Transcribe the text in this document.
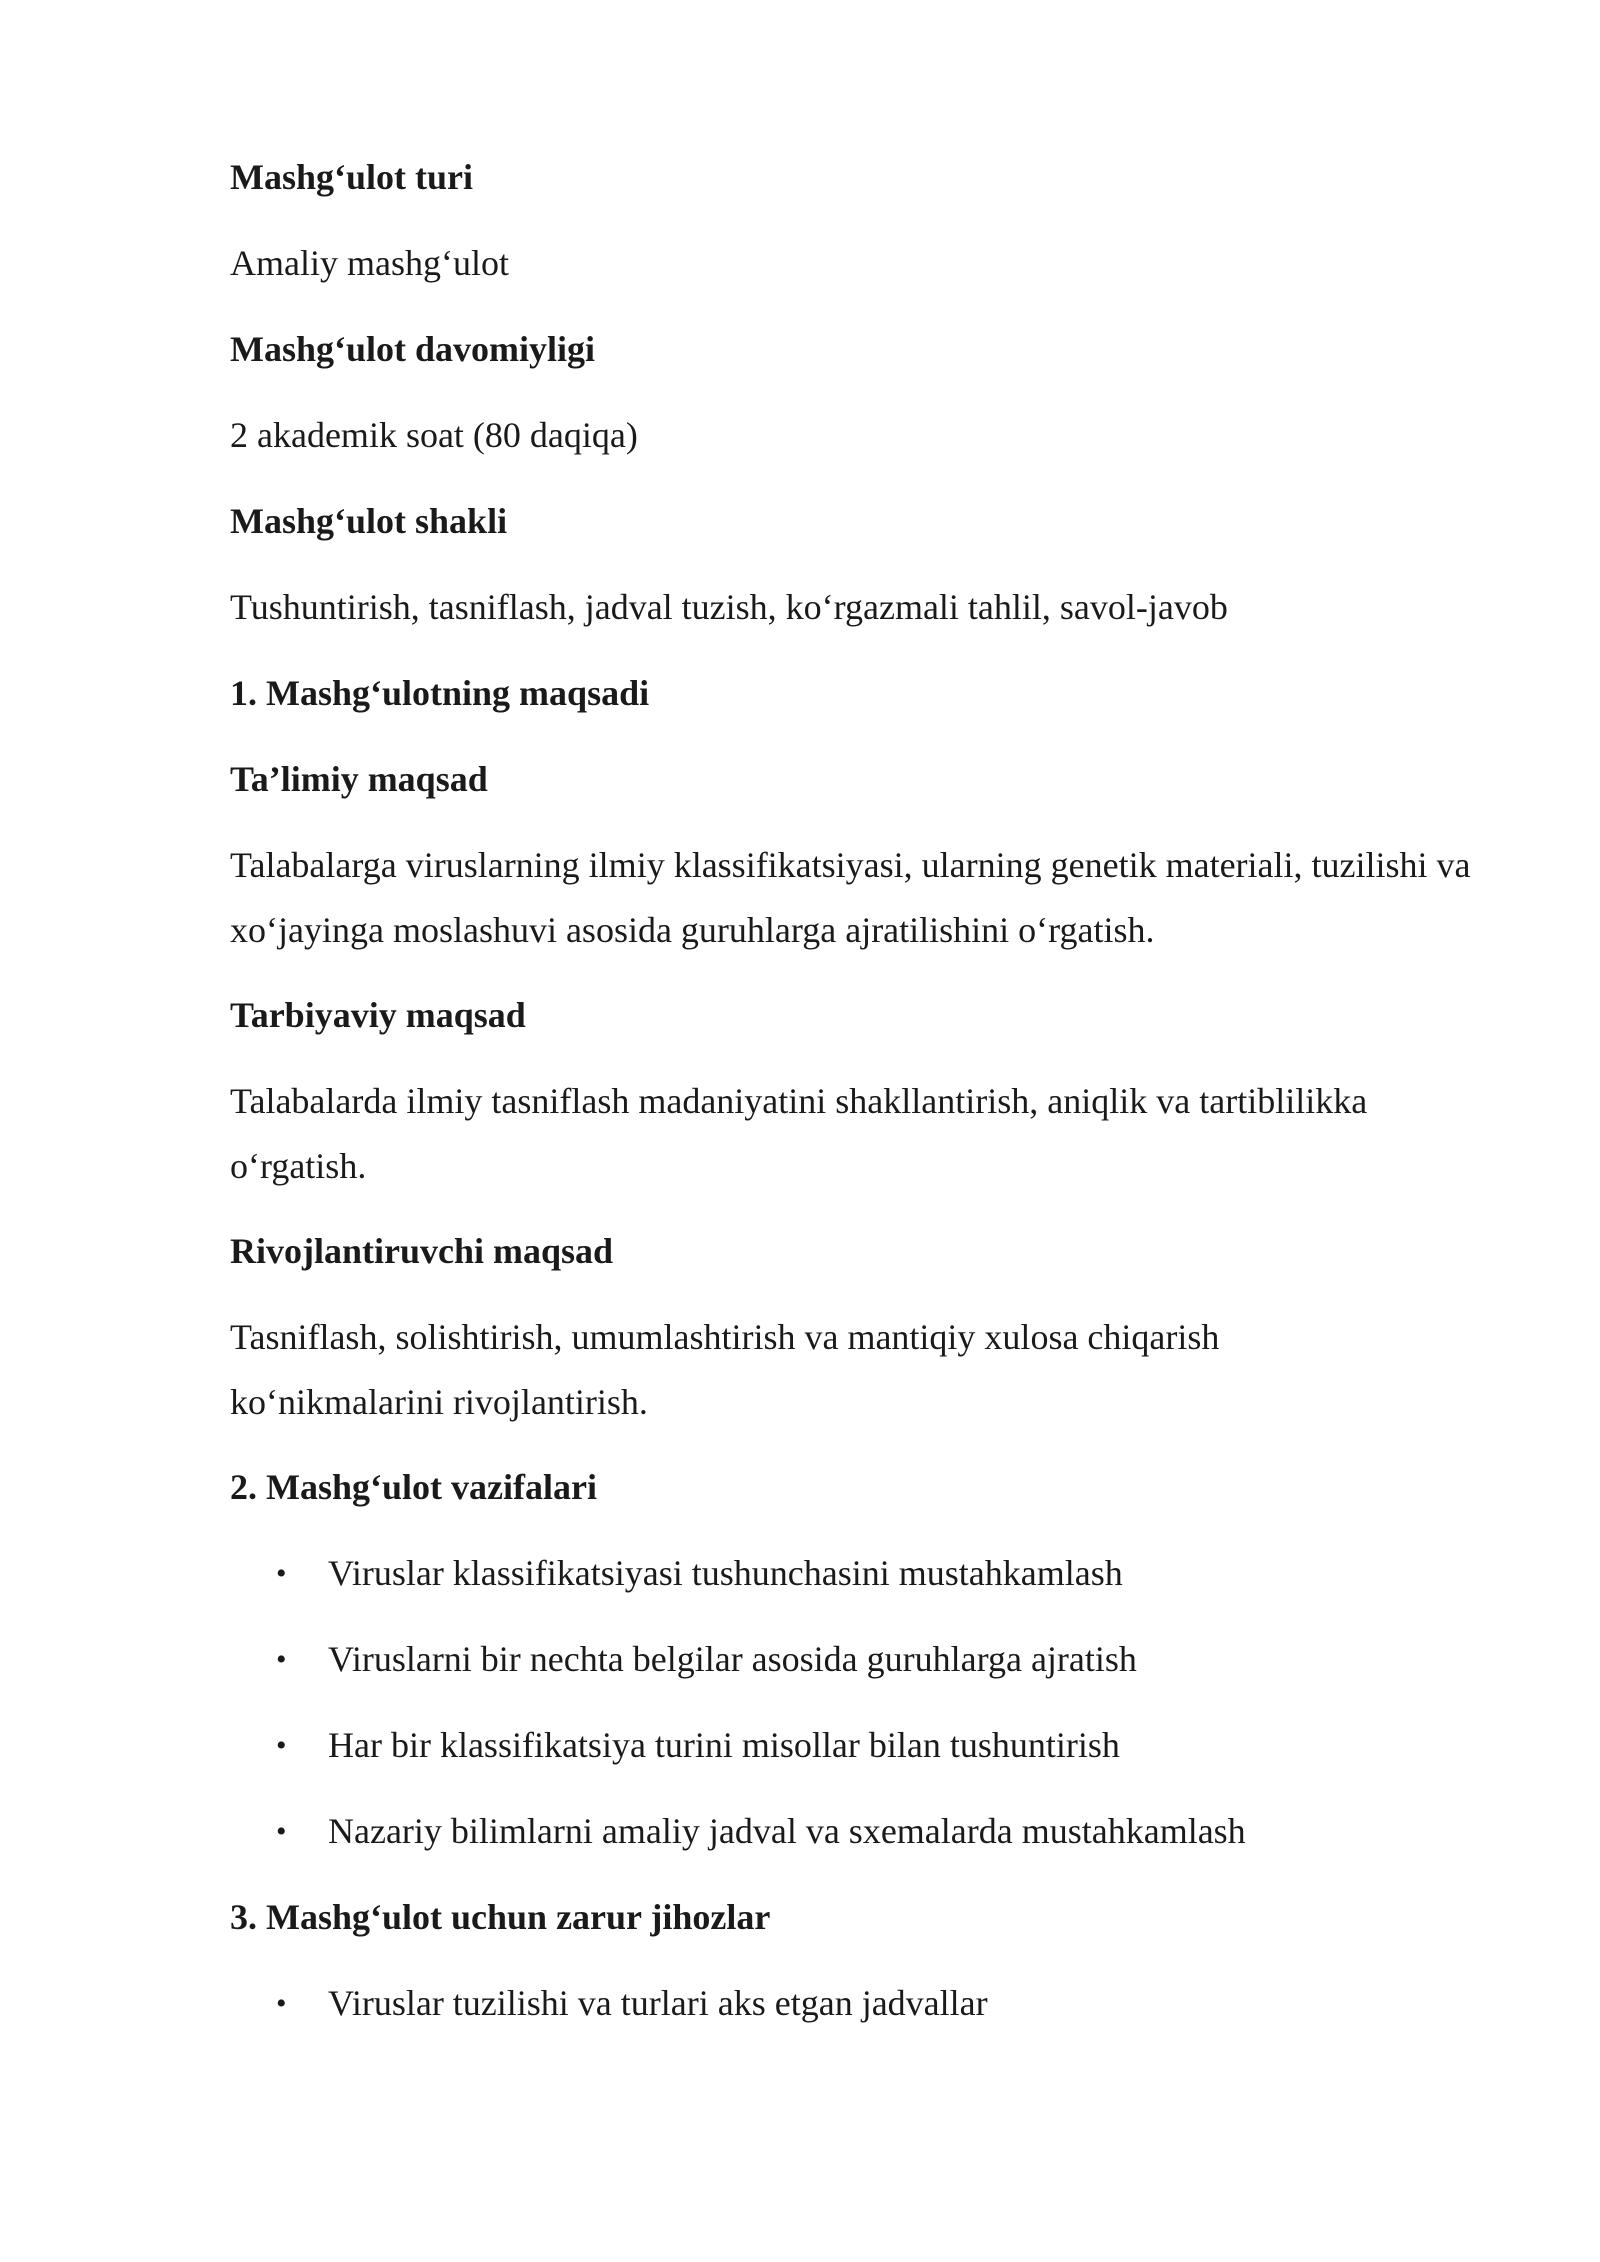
Mashg‘ulot turi
Amaliy mashg‘ulot
Mashg‘ulot davomiyligi
2 akademik soat (80 daqiqa)
Mashg‘ulot shakli
Tushuntirish, tasniflash, jadval tuzish, ko‘rgazmali tahlil, savol-javob
1. Mashg‘ulotning maqsadi
Ta’limiy maqsad
Talabalarga viruslarning ilmiy klassifikatsiyasi, ularning genetik materiali, tuzilishi va xo‘jayinga moslashuvi asosida guruhlarga ajratilishini o‘rgatish.
Tarbiyaviy maqsad
Talabalarda ilmiy tasniflash madaniyatini shakllantirish, aniqlik va tartiblilikka o‘rgatish.
Rivojlantiruvchi maqsad
Tasniflash, solishtirish, umumlashtirish va mantiqiy xulosa chiqarish ko‘nikmalarini rivojlantirish.
2. Mashg‘ulot vazifalari
• Viruslar klassifikatsiyasi tushunchasini mustahkamlash
• Viruslarni bir nechta belgilar asosida guruhlarga ajratish
• Har bir klassifikatsiya turini misollar bilan tushuntirish
• Nazariy bilimlarni amaliy jadval va sxemalarda mustahkamlash
3. Mashg‘ulot uchun zarur jihozlar
• Viruslar tuzilishi va turlari aks etgan jadvallar
